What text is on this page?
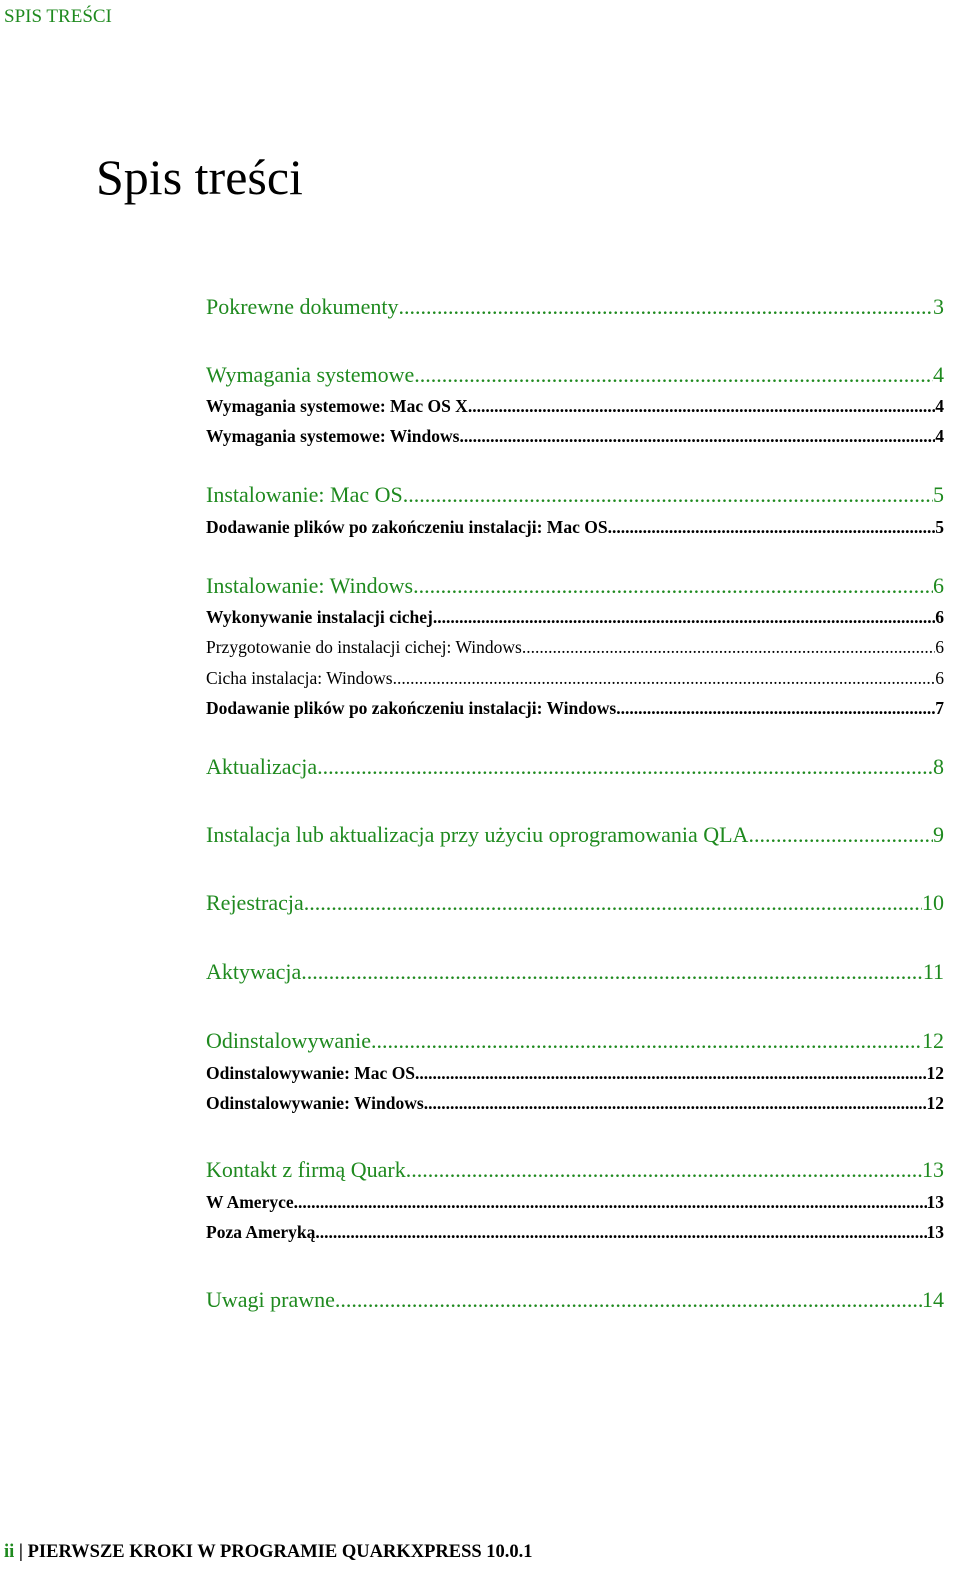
SPIS TREŚCI
Spis treści
Pokrewne dokumenty .....	3
Wymagania systemowe .....	4
Wymagania systemowe: Mac OS X .....	4
Wymagania systemowe: Windows .....	4
Instalowanie: Mac OS .....	5
Dodawanie plików po zakończeniu instalacji: Mac OS .....	5
Instalowanie: Windows .....	6
Wykonywanie instalacji cichej .....	6
Przygotowanie do instalacji cichej: Windows .....	6
Cicha instalacja: Windows .....	6
Dodawanie plików po zakończeniu instalacji: Windows .....	7
Aktualizacja .....	8
Instalacja lub aktualizacja przy użyciu oprogramowania QLA .....	9
Rejestracja .....	10
Aktywacja .....	11
Odinstalowywanie .....	12
Odinstalowywanie: Mac OS .....	12
Odinstalowywanie: Windows .....	12
Kontakt z firmą Quark .....	13
W Ameryce .....	13
Poza Ameryką .....	13
Uwagi prawne .....	14
ii | PIERWSZE KROKI W PROGRAMIE QUARKXPRESS 10.0.1
